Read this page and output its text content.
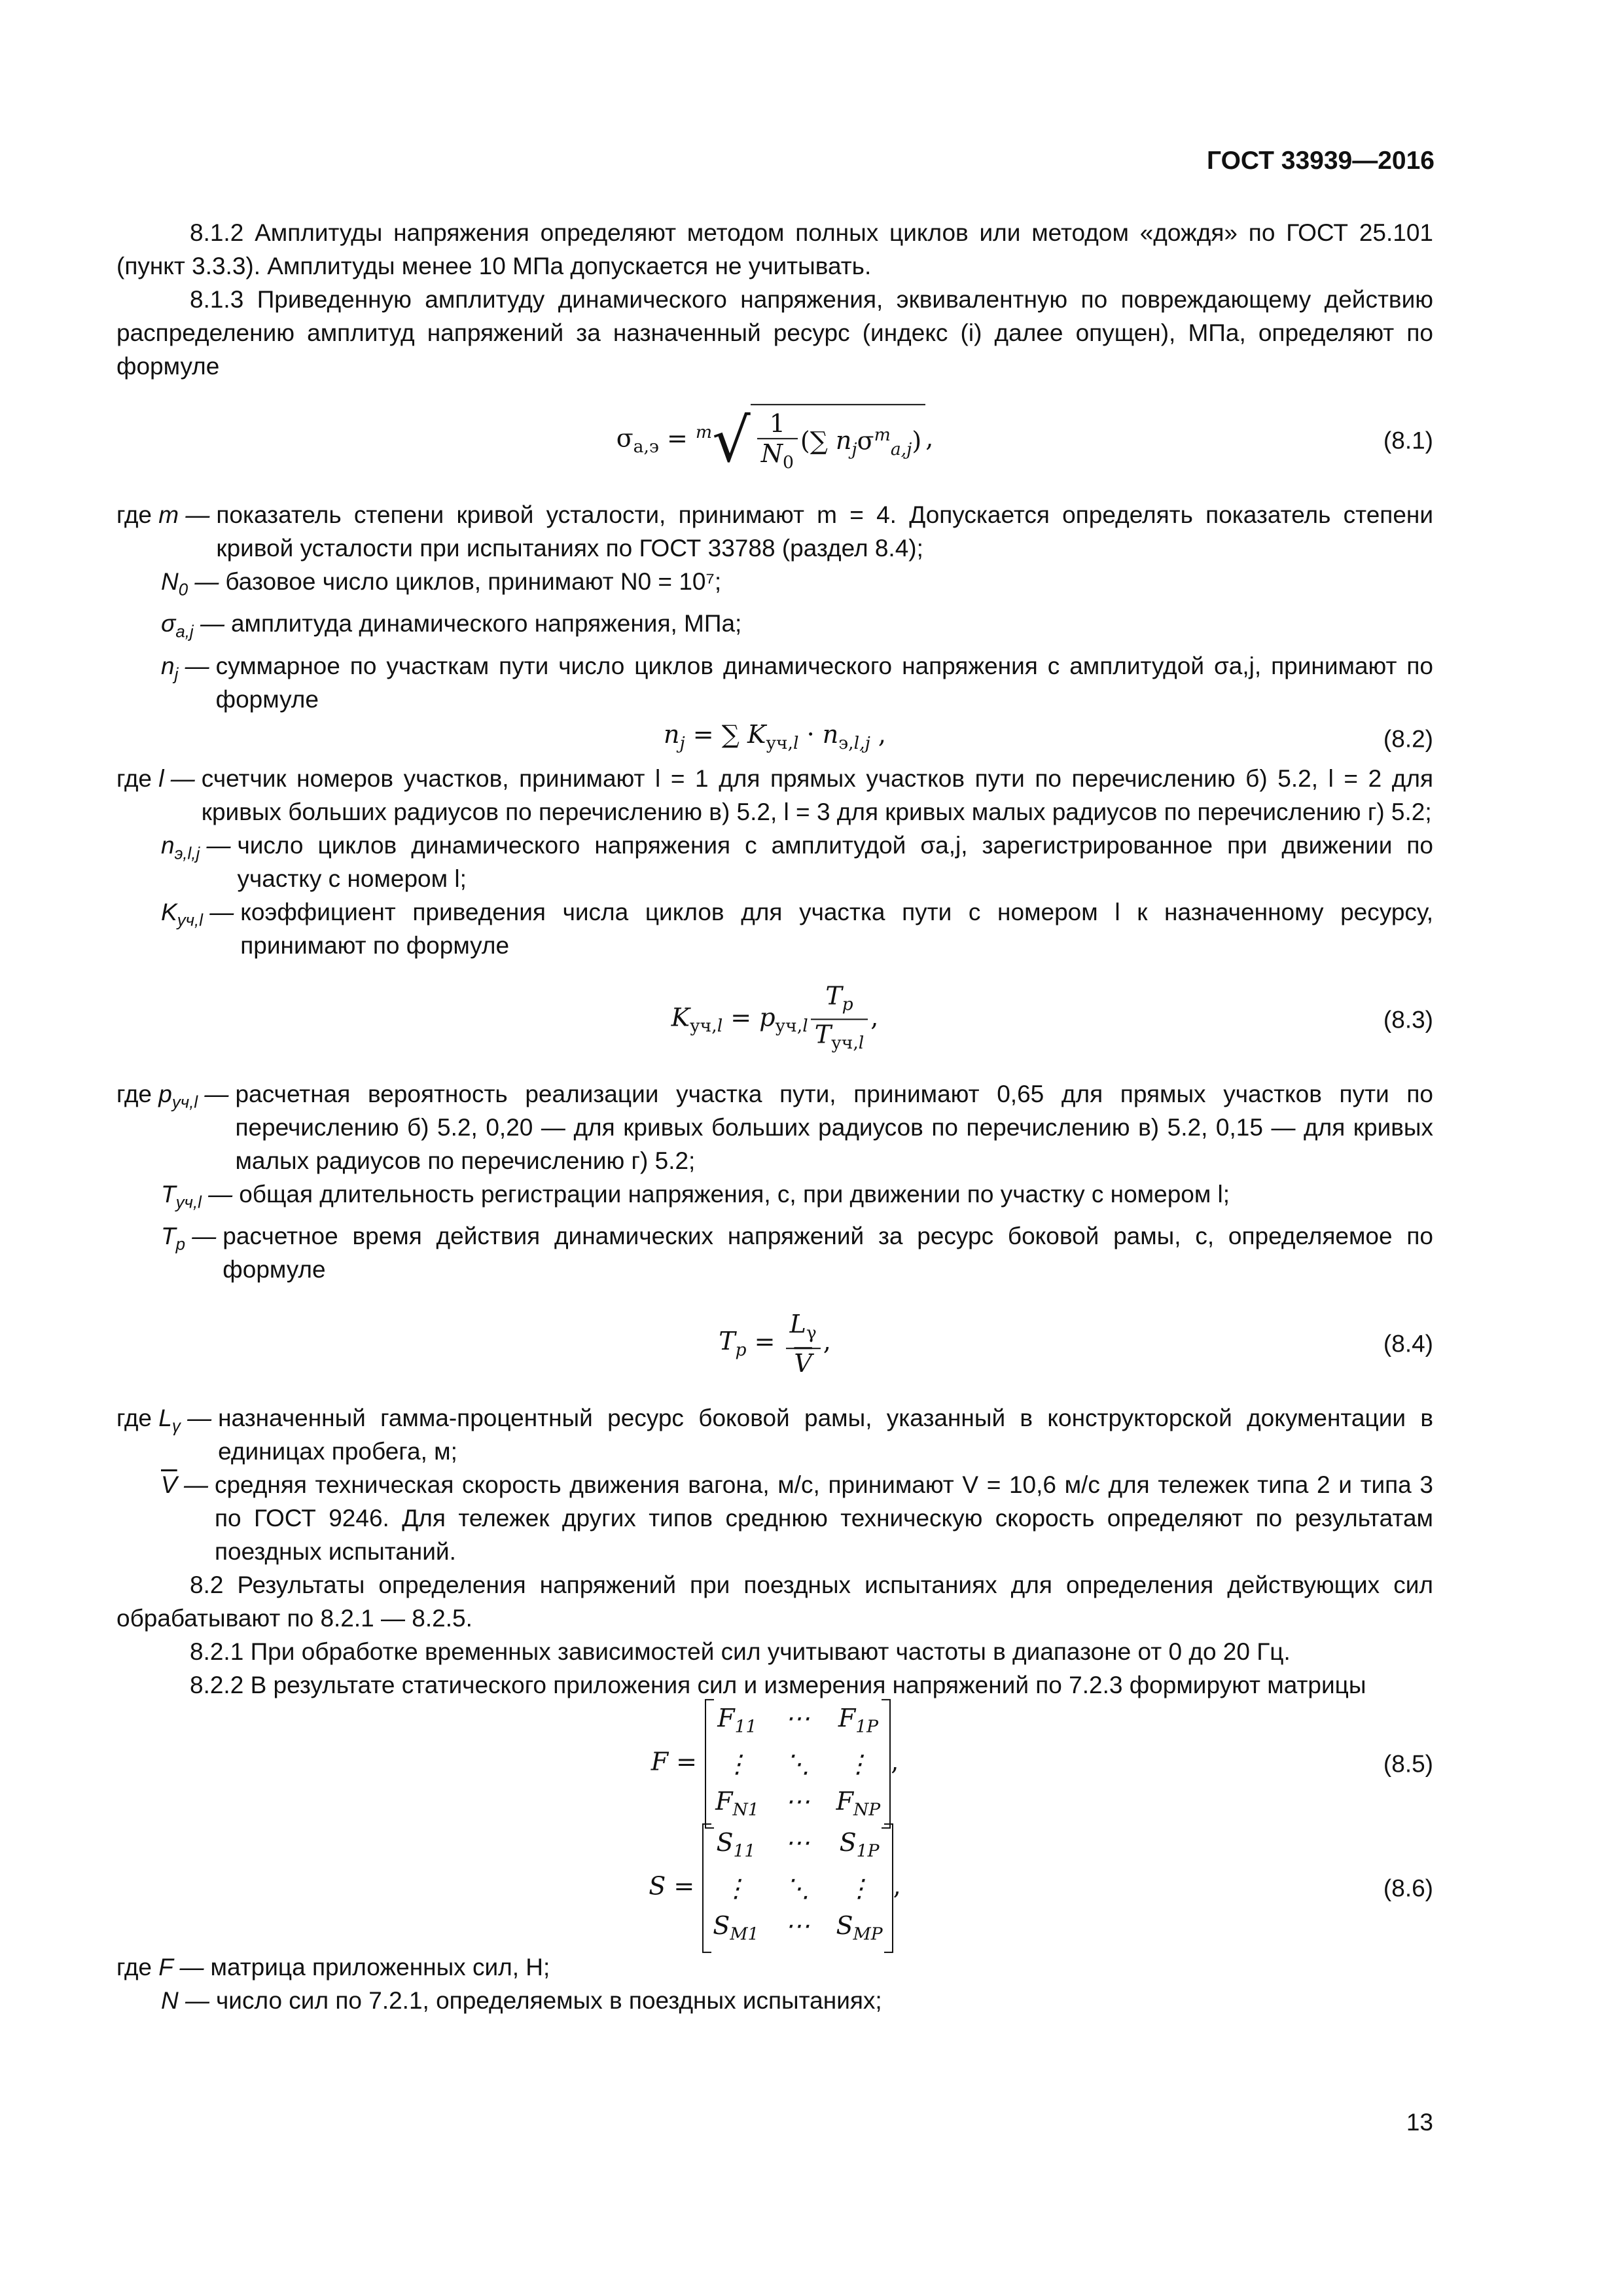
ГОСТ 33939—2016

8.1.2 Амплитуды напряжения определяют методом полных циклов или методом «дождя» по ГОСТ 25.101 (пункт 3.3.3). Амплитуды менее 10 МПа допускается не учитывать.

8.1.3 Приведенную амплитуду динамического напряжения, эквивалентную по повреждающему действию распределению амплитуд напряжений за назначенный ресурс (индекс (i) далее опущен), МПа, определяют по формуле

$\sigma_{а,э} = ^m√ \frac{1}{N_0}$ (∑ $n_j\sigma^m_{a,j}$) ,	(8.1)
где m — показатель степени кривой усталости, принимают m = 4. Допускается определять показатель степени кривой усталости при испытаниях по ГОСТ 33788 (раздел 8.4);
$N_0$ — базовое число циклов, принимают N0 = 10⁷;
$\sigma_{a,j}$ — амплитуда динамического напряжения, МПа;
$n_j$ — суммарное по участкам пути число циклов динамического напряжения с амплитудой σa,j, принимают по формуле
$n_j$ = ∑ $K_{уч,l} \cdot n_{э,l,j}$ ,	(8.2)
где l — счетчик номеров участков, принимают l = 1 для прямых участков пути по перечислению б) 5.2, l = 2 для кривых больших радиусов по перечислению в) 5.2, l = 3 для кривых малых радиусов по перечислению г) 5.2;
$n_{э,l,j}$ — число циклов динамического напряжения с амплитудой σa,j, зарегистрированное при движении по участку с номером l;
$K_{уч,l}$ — коэффициент приведения числа циклов для участка пути с номером l к назначенному ресурсу, принимают по формуле
$K_{уч,l} = p_{уч,l} \frac{T_p}{T_{уч,l}}$ ,	(8.3)
где $p_{уч,l}$ — расчетная вероятность реализации участка пути, принимают 0,65 для прямых участков пути по перечислению б) 5.2, 0,20 — для кривых больших радиусов по перечислению в) 5.2, 0,15 — для кривых малых радиусов по перечислению г) 5.2;
$T_{уч,l}$ — общая длительность регистрации напряжения, с, при движении по участку с номером l;
$T_p$ — расчетное время действия динамических напряжений за ресурс боковой рамы, с, определяемое по формуле
$T_p = \frac{L_\gamma}{V}$ ,	(8.4)
где $L_\gamma$ — назначенный гамма-процентный ресурс боковой рамы, указанный в конструкторской документации в единицах пробега, м;
$\overline{V}$ — средняя техническая скорость движения вагона, м/с, принимают V = 10,6 м/с для тележек типа 2 и типа 3 по ГОСТ 9246. Для тележек других типов среднюю техническую скорость определяют по результатам поездных испытаний.

8.2 Результаты определения напряжений при поездных испытаниях для определения действующих сил обрабатывают по 8.2.1 — 8.2.5.

8.2.1 При обработке временных зависимостей сил учитывают частоты в диапазоне от 0 до 20 Гц.

8.2.2 В результате статического приложения сил и измерения напряжений по 7.2.3 формируют матрицы

F =
$F_{11}$ ⋯ $F_{1P}$
⋮	⋱	⋮
$F_{N1}$ ⋯ $F_{NP}$
,	(8.5)
S =
$S_{11}$ ⋯ $S_{1P}$
⋮	⋱	⋮
$S_{M1}$ ⋯ $S_{MP}$
,	(8.6)
где F — матрица приложенных сил, Н;
N — число сил по 7.2.1, определяемых в поездных испытаниях;
13
